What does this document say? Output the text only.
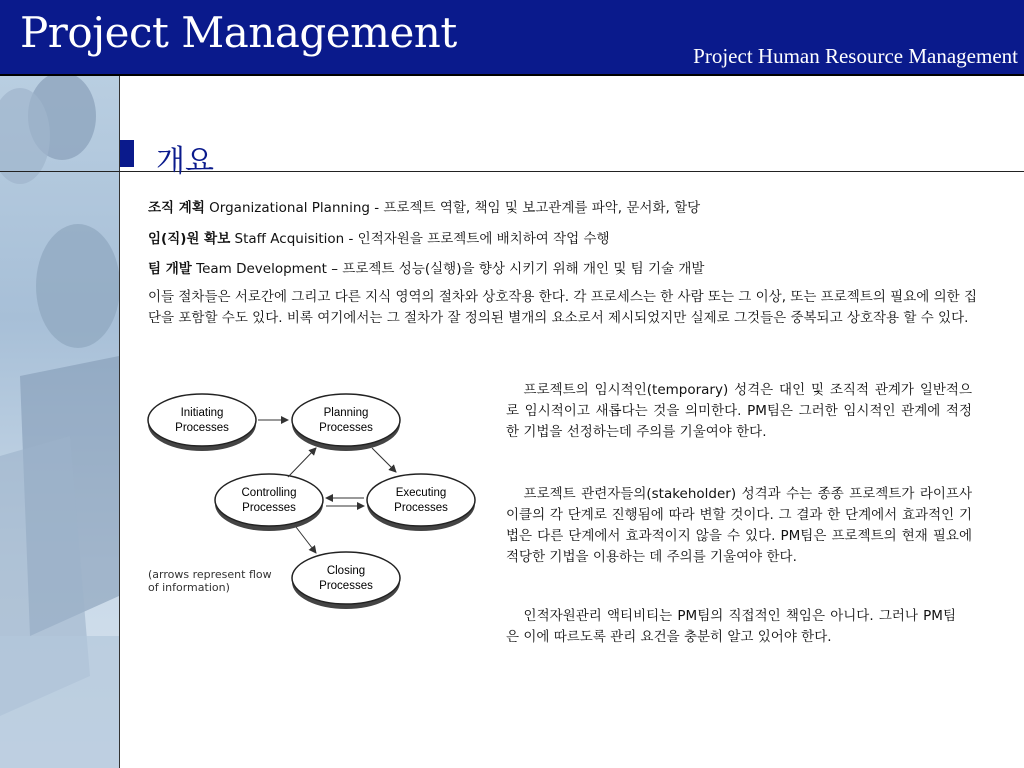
Project Management	Project Human Resource Management
개요
조직 계획 Organizational Planning - 프로젝트 역할, 책임 및 보고관계를 파악, 문서화, 할당
임(직)원 확보 Staff Acquisition - 인적자원을 프로젝트에 배치하여 작업 수행
팀 개발 Team Development – 프로젝트 성능(실행)을 향상 시키기 위해 개인 및 팀 기술 개발
이들 절차들은 서로간에 그리고 다른 지식 영역의 절차와 상호작용 한다. 각 프로세스는 한 사람 또는 그 이상, 또는 프로젝트의 필요에 의한 집단을 포함할 수도 있다. 비록 여기에서는 그 절차가 잘 정의된 별개의 요소로서 제시되었지만 실제로 그것들은 중복되고 상호작용 할 수 있다.
Initiating
Processes
Planning
Processes
Controlling
Processes
Executing
Processes
Closing
Processes
(arrows represent flow
of information)
프로젝트의 임시적인(temporary) 성격은 대인 및 조직적 관계가 일반적으로 임시적이고 새롭다는 것을 의미한다. PM팀은 그러한 임시적인 관계에 적정한 기법을 선정하는데 주의를 기울여야 한다.
프로젝트 관련자들의(stakeholder) 성격과 수는 종종 프로젝트가 라이프사이클의 각 단계로 진행됨에 따라 변할 것이다. 그 결과 한 단계에서 효과적인 기법은 다른 단계에서 효과적이지 않을 수 있다. PM팀은 프로젝트의 현재 필요에 적당한 기법을 이용하는 데 주의를 기울여야 한다.
인적자원관리 액티비티는 PM팀의 직접적인 책임은 아니다. 그러나 PM팀은 이에 따르도록 관리 요건을 충분히 알고 있어야 한다.
